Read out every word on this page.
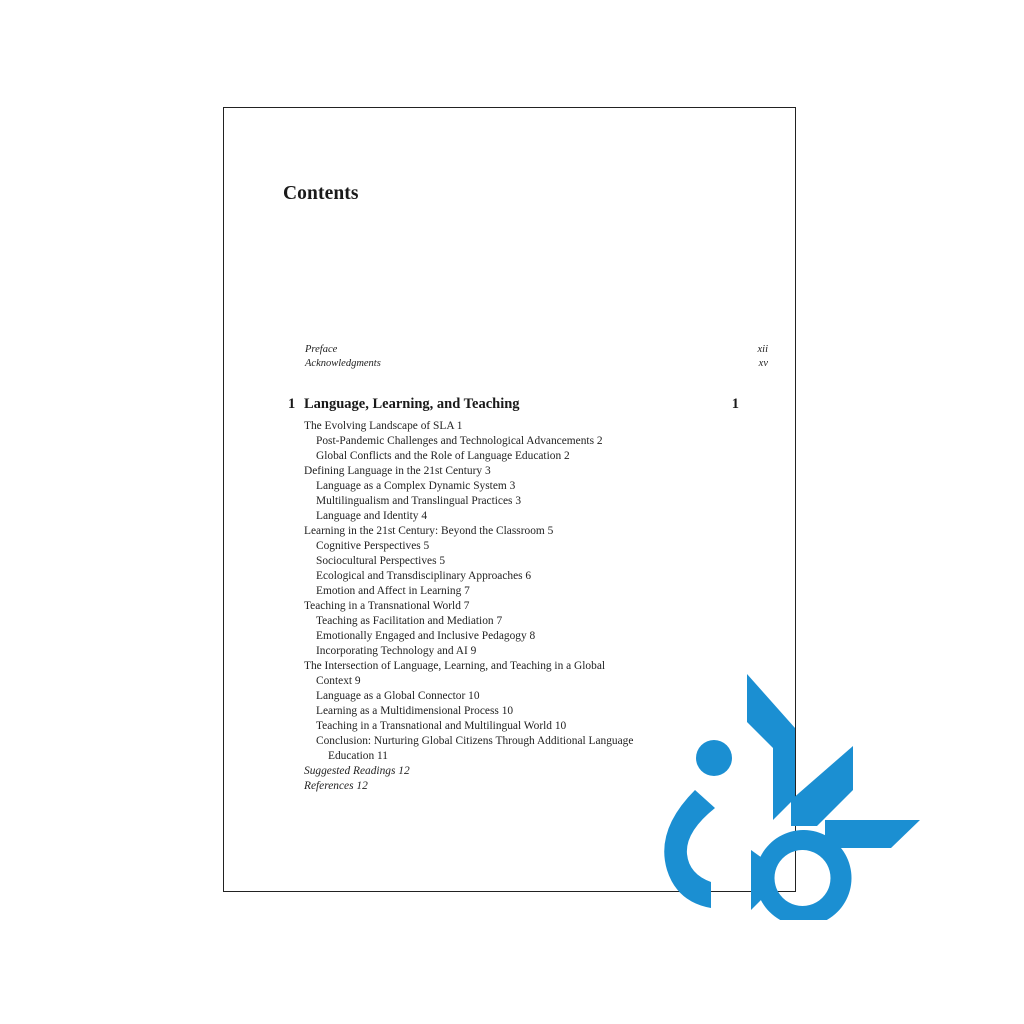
Contents
Preface	xii
Acknowledgments	xv
1 Language, Learning, and Teaching	1
The Evolving Landscape of SLA 1
Post-Pandemic Challenges and Technological Advancements 2
Global Conflicts and the Role of Language Education 2
Defining Language in the 21st Century 3
Language as a Complex Dynamic System 3
Multilingualism and Translingual Practices 3
Language and Identity 4
Learning in the 21st Century: Beyond the Classroom 5
Cognitive Perspectives 5
Sociocultural Perspectives 5
Ecological and Transdisciplinary Approaches 6
Emotion and Affect in Learning 7
Teaching in a Transnational World 7
Teaching as Facilitation and Mediation 7
Emotionally Engaged and Inclusive Pedagogy 8
Incorporating Technology and AI 9
The Intersection of Language, Learning, and Teaching in a Global
Context 9
Language as a Global Connector 10
Learning as a Multidimensional Process 10
Teaching in a Transnational and Multilingual World 10
Conclusion: Nurturing Global Citizens Through Additional Language
Education 11
Suggested Readings 12
References 12
